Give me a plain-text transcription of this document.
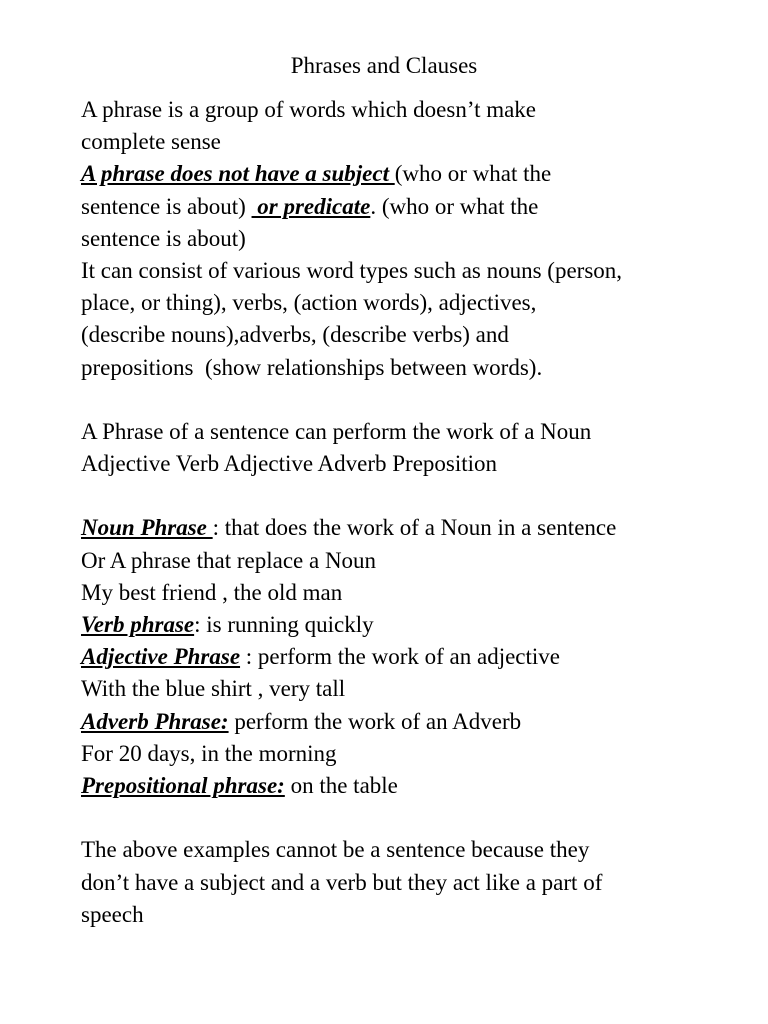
Phrases and Clauses
A phrase is a group of words which doesn’t make
complete sense
A phrase does not have a subject (who or what the
sentence is about)  or predicate. (who or what the
sentence is about)
It can consist of various word types such as nouns (person,
place, or thing), verbs, (action words), adjectives,
(describe nouns),adverbs, (describe verbs) and
prepositions  (show relationships between words).
A Phrase of a sentence can perform the work of a Noun
Adjective Verb Adjective Adverb Preposition
Noun Phrase : that does the work of a Noun in a sentence
Or A phrase that replace a Noun
My best friend , the old man
Verb phrase: is running quickly
Adjective Phrase : perform the work of an adjective
With the blue shirt , very tall
Adverb Phrase: perform the work of an Adverb
For 20 days, in the morning
Prepositional phrase: on the table
The above examples cannot be a sentence because they
don’t have a subject and a verb but they act like a part of
speech
